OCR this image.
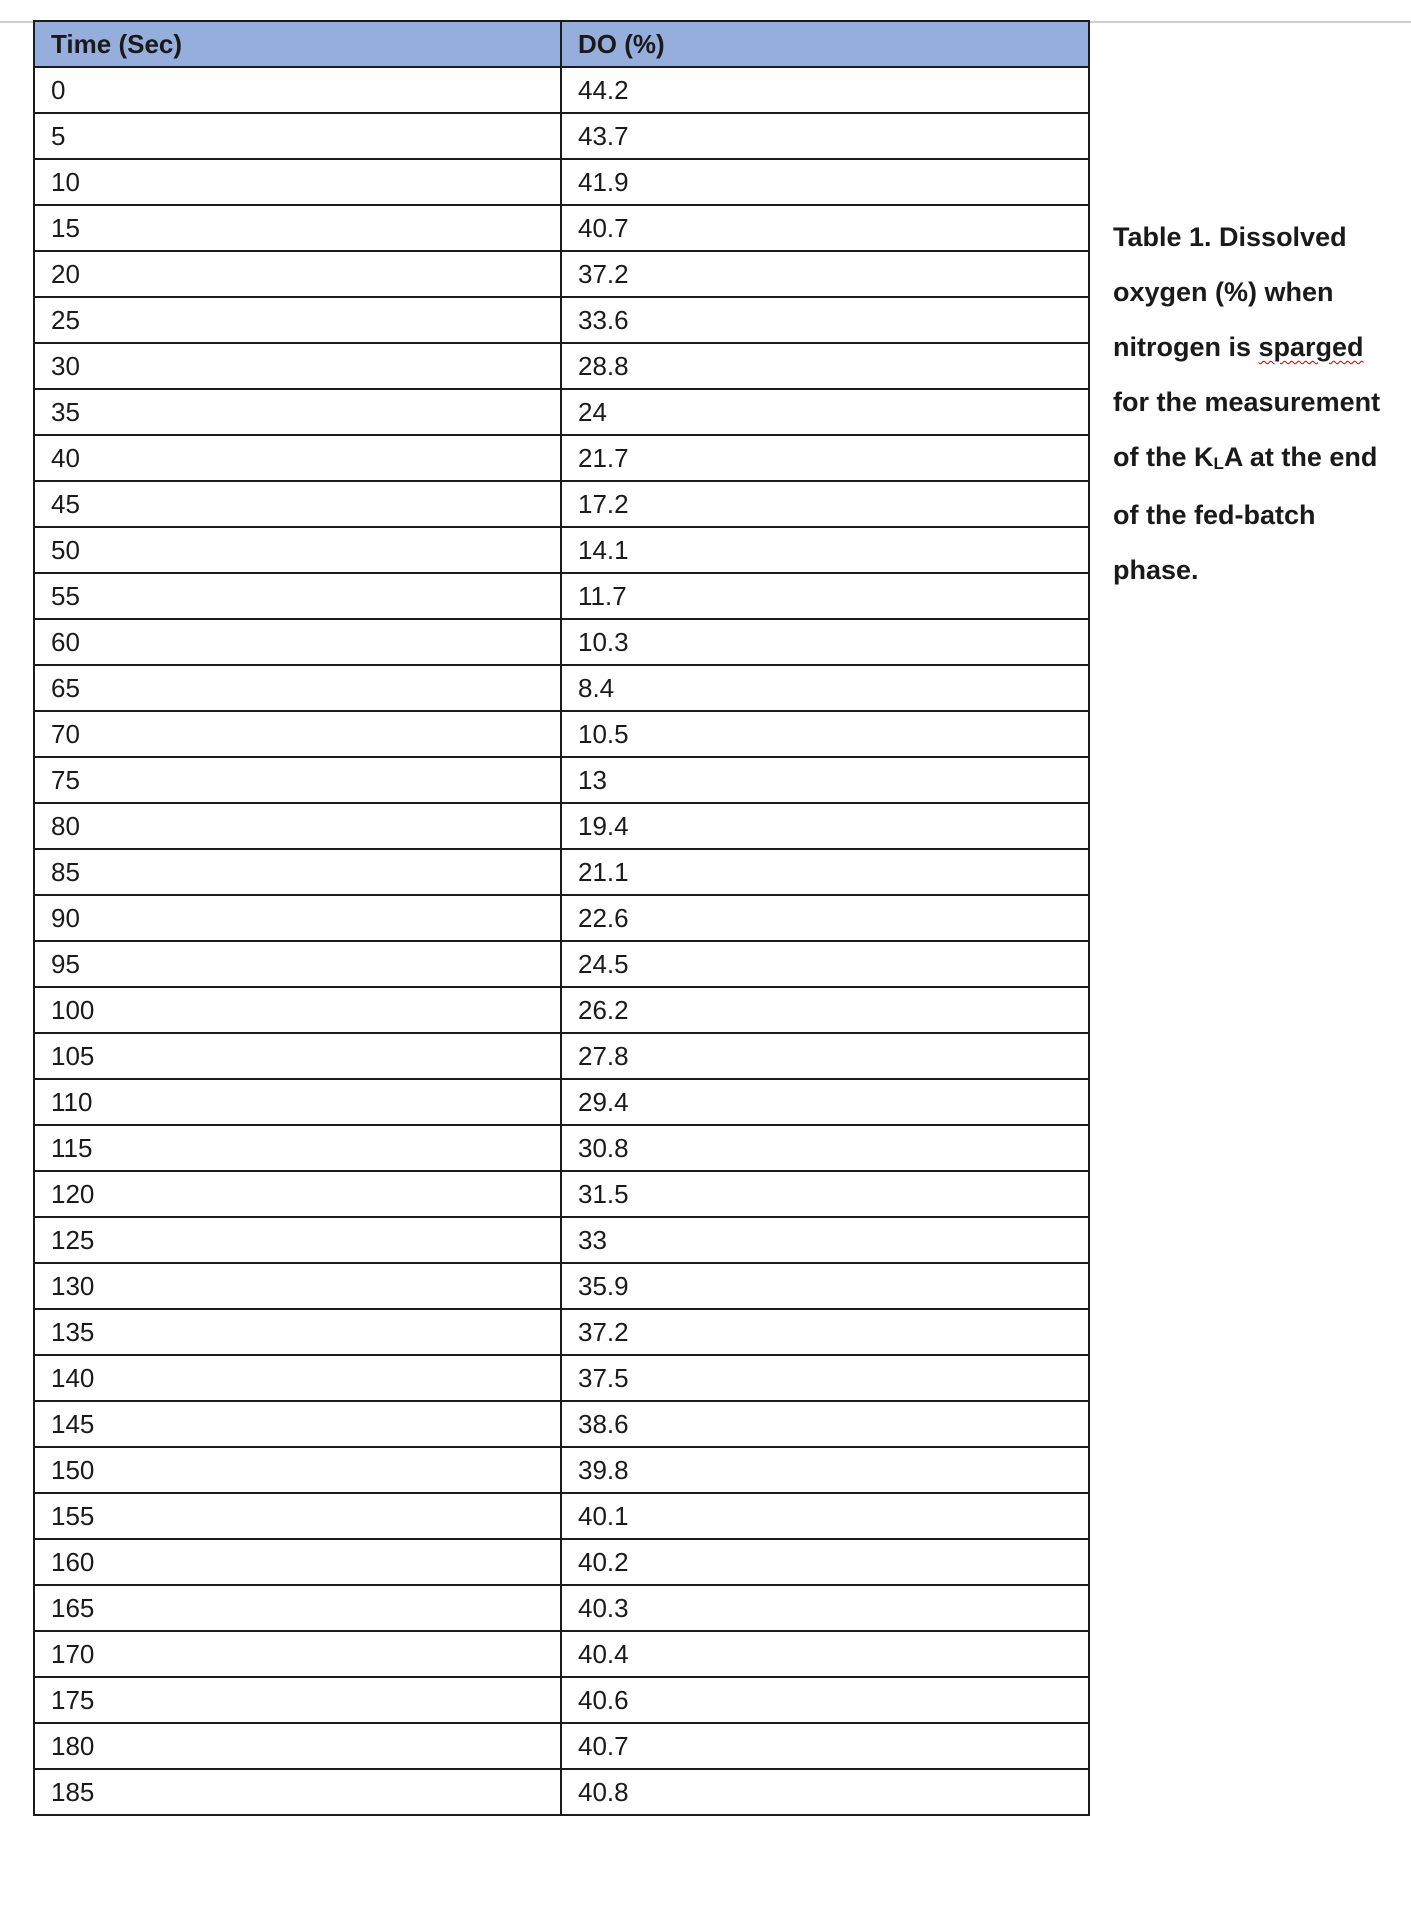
Time (Sec)	DO (%)
0	44.2
5	43.7
10	41.9
15	40.7
20	37.2
25	33.6
30	28.8
35	24
40	21.7
45	17.2
50	14.1
55	11.7
60	10.3
65	8.4
70	10.5
75	13
80	19.4
85	21.1
90	22.6
95	24.5
100	26.2
105	27.8
110	29.4
115	30.8
120	31.5
125	33
130	35.9
135	37.2
140	37.5
145	38.6
150	39.8
155	40.1
160	40.2
165	40.3
170	40.4
175	40.6
180	40.7
185	40.8
Table 1. Dissolved oxygen (%) when nitrogen is sparged for the measurement of the KLA at the end of the fed-batch phase.
